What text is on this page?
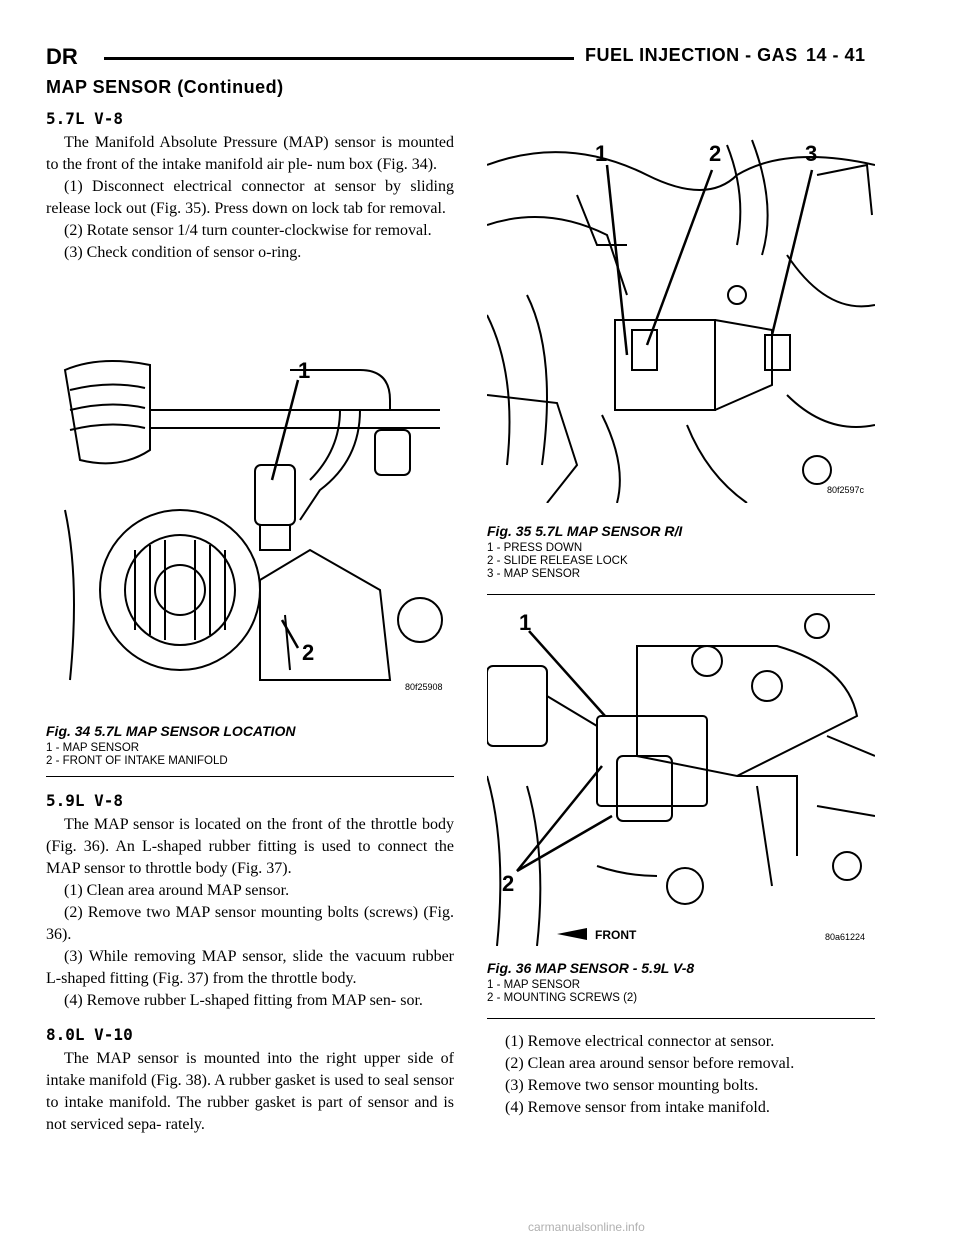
DR	FUEL INJECTION - GAS 14 - 41
MAP SENSOR (Continued)
5.7L V-8

The Manifold Absolute Pressure (MAP) sensor is mounted to the front of the intake manifold air ple- num box (Fig. 34).

(1) Disconnect electrical connector at sensor by sliding release lock out (Fig. 35). Press down on lock tab for removal.

(2) Rotate sensor 1/4 turn counter-clockwise for removal.

(3) Check condition of sensor o-ring.

80f25908
1
2
Fig. 34 5.7L MAP SENSOR LOCATION
1 - MAP SENSOR
2 - FRONT OF INTAKE MANIFOLD
5.9L V-8

The MAP sensor is located on the front of the throttle body (Fig. 36). An L-shaped rubber fitting is used to connect the MAP sensor to throttle body (Fig. 37).

(1) Clean area around MAP sensor.

(2) Remove two MAP sensor mounting bolts (screws) (Fig. 36).

(3) While removing MAP sensor, slide the vacuum rubber L-shaped fitting (Fig. 37) from the throttle body.

(4) Remove rubber L-shaped fitting from MAP sen- sor.

8.0L V-10

The MAP sensor is mounted into the right upper side of intake manifold (Fig. 38). A rubber gasket is used to seal sensor to intake manifold. The rubber gasket is part of sensor and is not serviced sepa- rately.

80f2597c
1	2	3
Fig. 35 5.7L MAP SENSOR R/I
1 - PRESS DOWN
2 - SLIDE RELEASE LOCK
3 - MAP SENSOR
FRONT	80a61224
1
2
Fig. 36 MAP SENSOR - 5.9L V-8
1 - MAP SENSOR
2 - MOUNTING SCREWS (2)

(1) Remove electrical connector at sensor.

(2) Clean area around sensor before removal.

(3) Remove two sensor mounting bolts.

(4) Remove sensor from intake manifold.

carmanualsonline.info
